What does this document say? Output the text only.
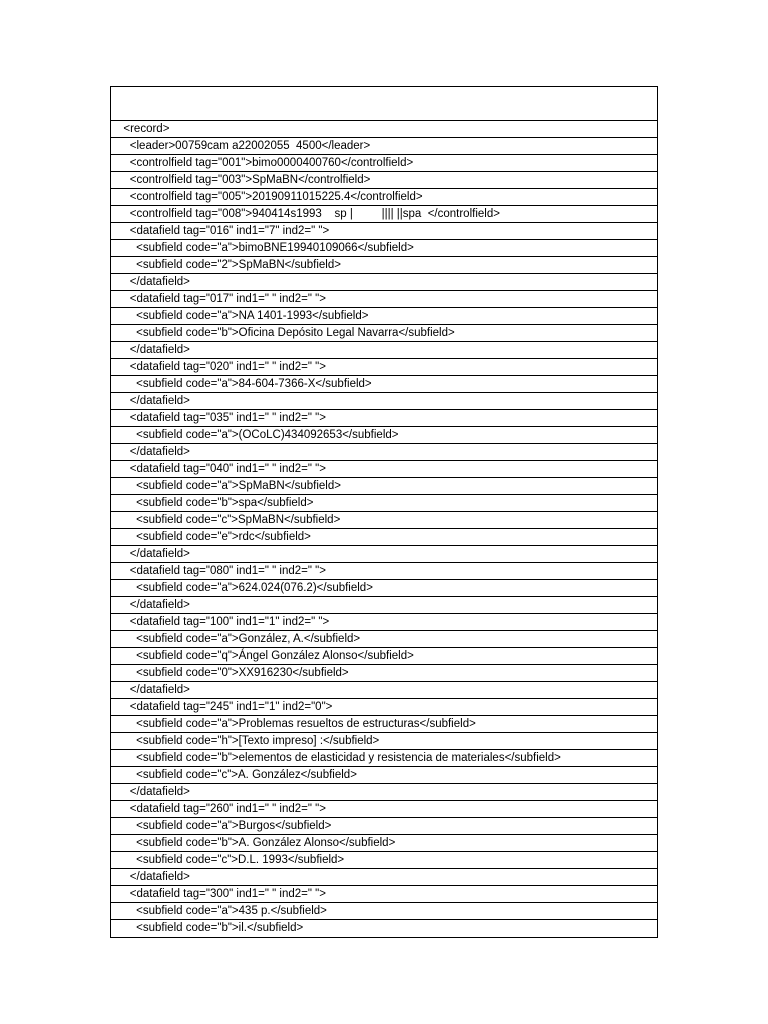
<record>
<leader>00759cam a22002055  4500</leader>
<controlfield tag="001">bimo0000400760</controlfield>
<controlfield tag="003">SpMaBN</controlfield>
<controlfield tag="005">20190911015225.4</controlfield>
<controlfield tag="008">940414s1993    sp |         |||| ||spa  </controlfield>
<datafield tag="016" ind1="7" ind2=" ">
<subfield code="a">bimoBNE19940109066</subfield>
<subfield code="2">SpMaBN</subfield>
</datafield>
<datafield tag="017" ind1=" " ind2=" ">
<subfield code="a">NA 1401-1993</subfield>
<subfield code="b">Oficina Depósito Legal Navarra</subfield>
</datafield>
<datafield tag="020" ind1=" " ind2=" ">
<subfield code="a">84-604-7366-X</subfield>
</datafield>
<datafield tag="035" ind1=" " ind2=" ">
<subfield code="a">(OCoLC)434092653</subfield>
</datafield>
<datafield tag="040" ind1=" " ind2=" ">
<subfield code="a">SpMaBN</subfield>
<subfield code="b">spa</subfield>
<subfield code="c">SpMaBN</subfield>
<subfield code="e">rdc</subfield>
</datafield>
<datafield tag="080" ind1=" " ind2=" ">
<subfield code="a">624.024(076.2)</subfield>
</datafield>
<datafield tag="100" ind1="1" ind2=" ">
<subfield code="a">González, A.</subfield>
<subfield code="q">Ángel González Alonso</subfield>
<subfield code="0">XX916230</subfield>
</datafield>
<datafield tag="245" ind1="1" ind2="0">
<subfield code="a">Problemas resueltos de estructuras</subfield>
<subfield code="h">[Texto impreso] :</subfield>
<subfield code="b">elementos de elasticidad y resistencia de materiales</subfield>
<subfield code="c">A. González</subfield>
</datafield>
<datafield tag="260" ind1=" " ind2=" ">
<subfield code="a">Burgos</subfield>
<subfield code="b">A. González Alonso</subfield>
<subfield code="c">D.L. 1993</subfield>
</datafield>
<datafield tag="300" ind1=" " ind2=" ">
<subfield code="a">435 p.</subfield>
<subfield code="b">il.</subfield>
